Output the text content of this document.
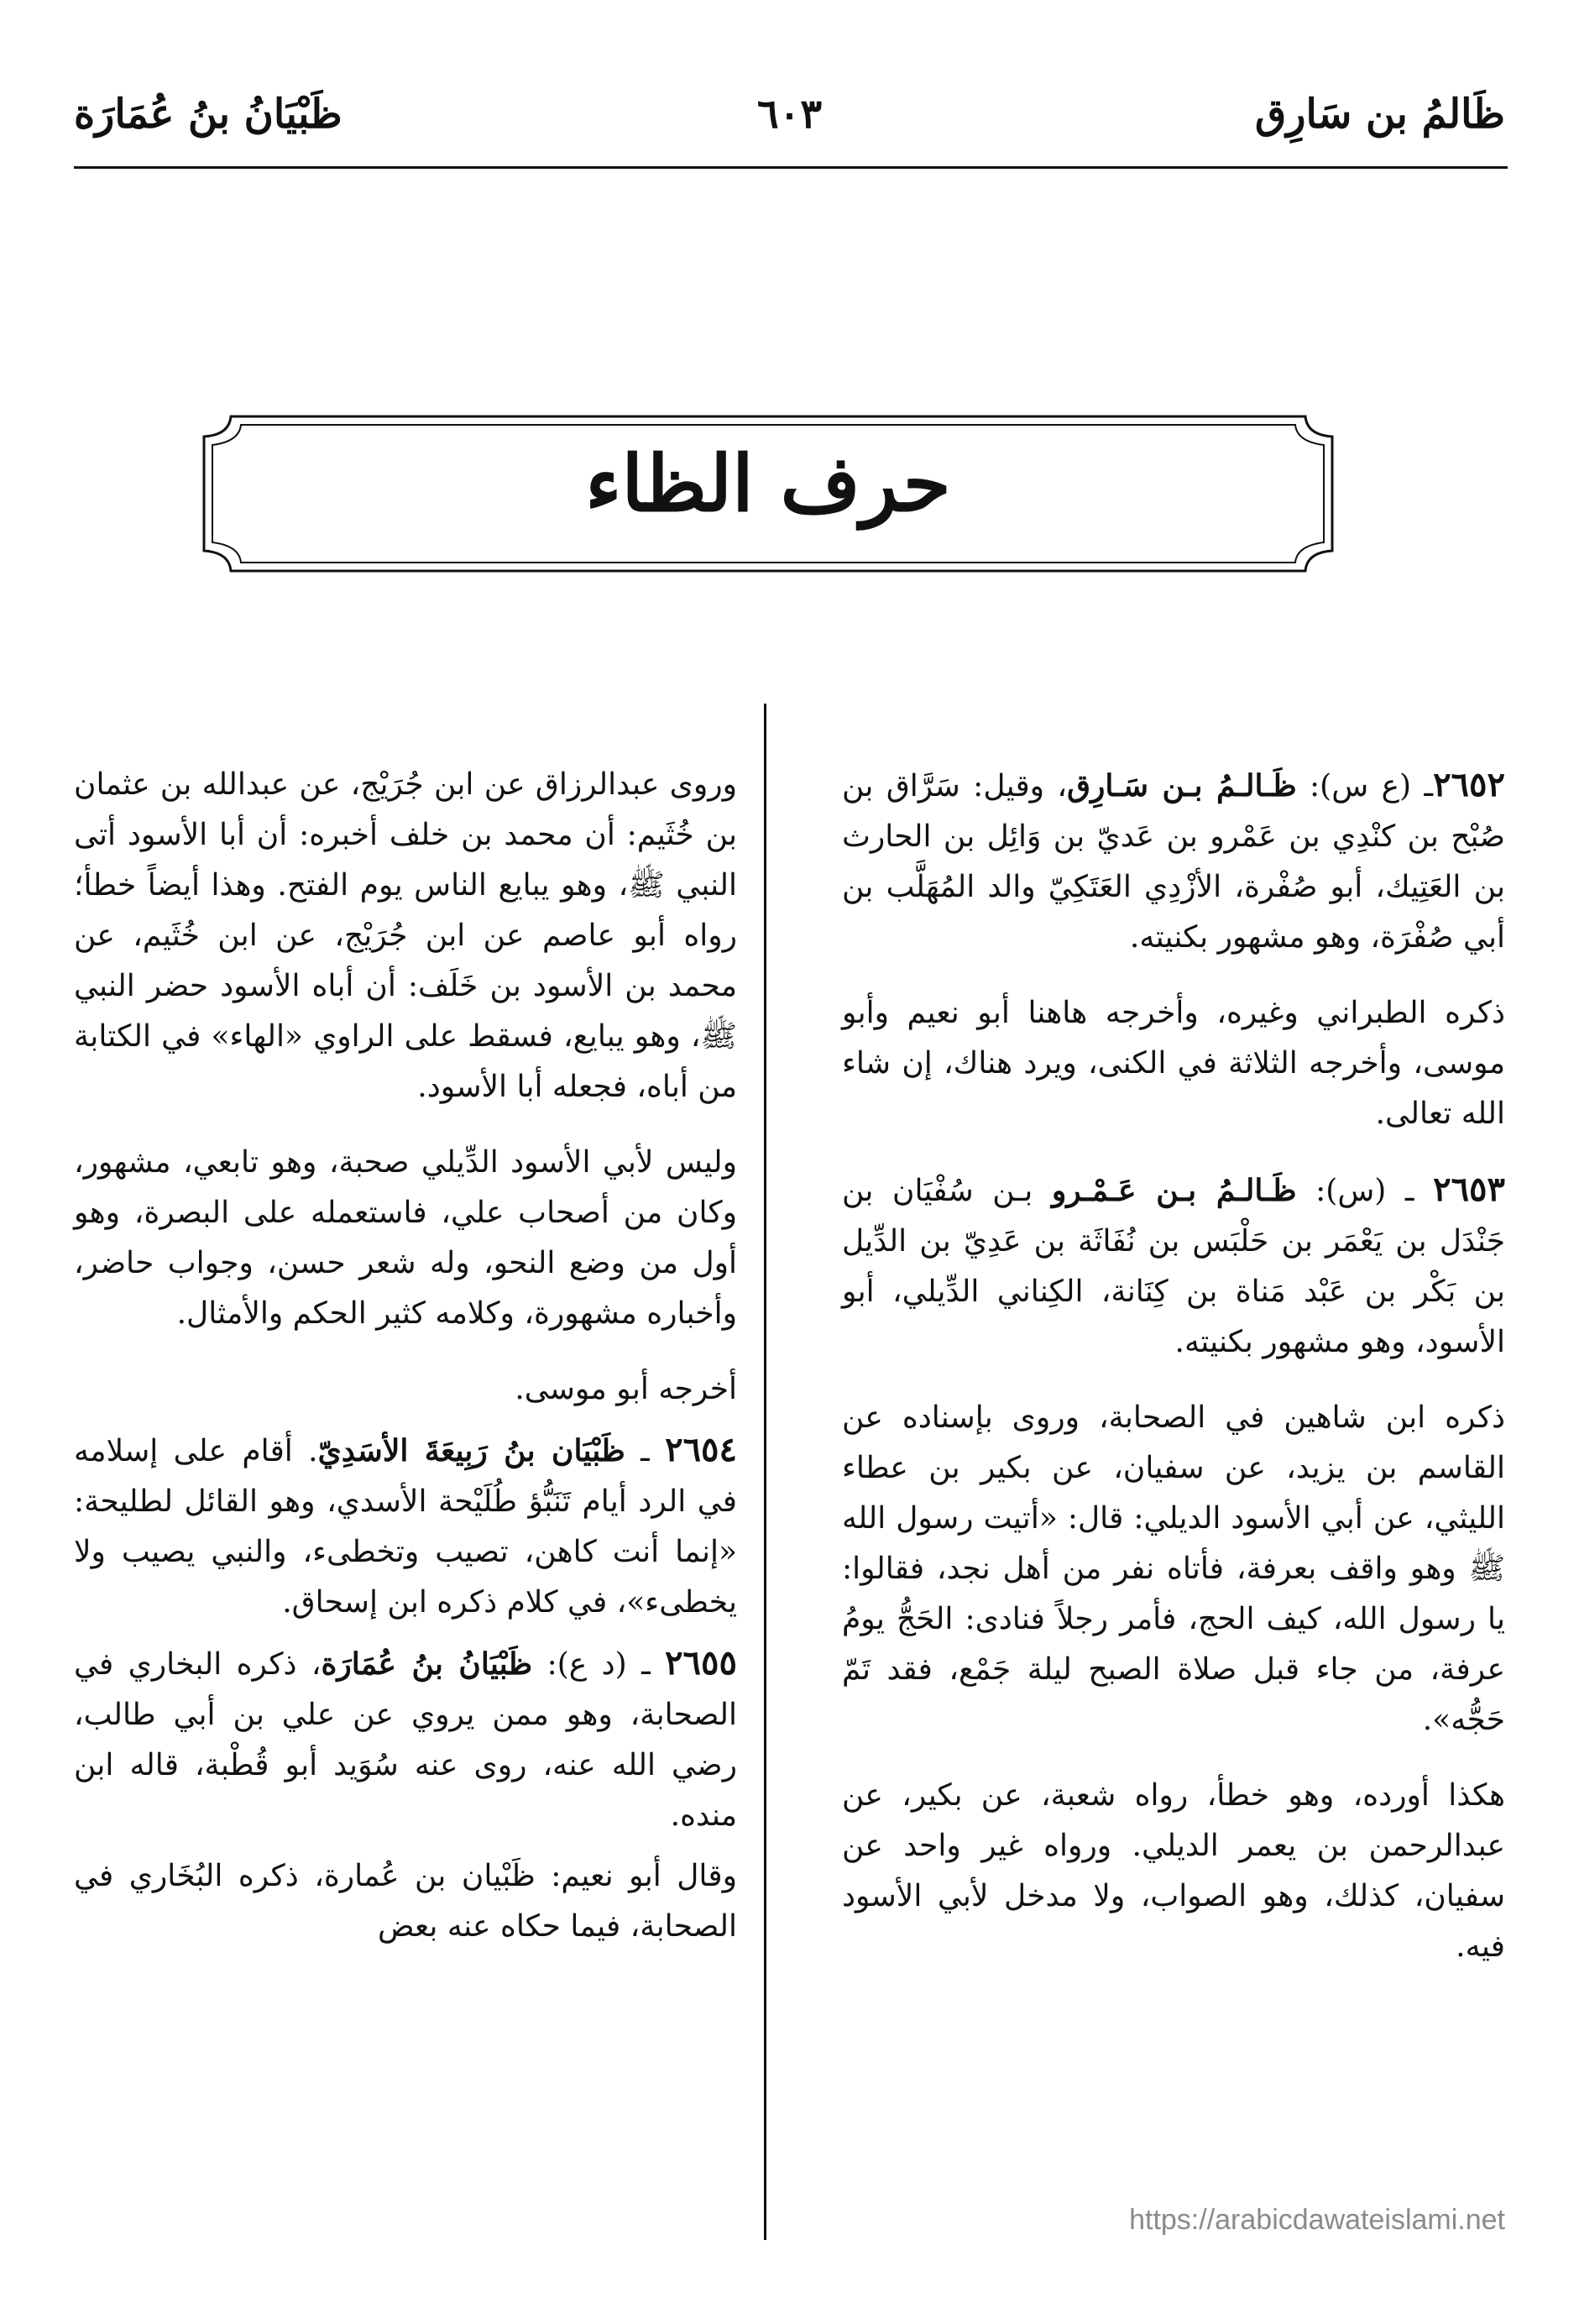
ظَالمُ بن سَارِق
٦٠٣
ظَبْيَانُ بنُ عُمَارَة
حرف الظاء

٢٦٥٢ـ (ع س): ظَـالـمُ بـن سَـارِق، وقيل: سَرَّاق بن صُبْح بن كنْدِي بن عَمْرو بن عَديّ بن وَائِل بن الحارث بن العَتِيك، أبو صُفْرة، الأزْدِي العَتَكِيّ والد المُهَلَّب بن أبي صُفْرَة، وهو مشهور بكنيته.

ذكره الطبراني وغيره، وأخرجه هاهنا أبو نعيم وأبو موسى، وأخرجه الثلاثة في الكنى، ويرد هناك، إن شاء الله تعالى.

٢٦٥٣ ـ (س): ظَـالـمُ بـن عَـمْـرو بـن سُفْيَان بن جَنْدَل بن يَعْمَر بن حَلْبَس بن نُفَاثَة بن عَدِيّ بن الدِّيل بن بَكْر بن عَبْد مَناة بن كِنَانة، الكِناني الدِّيلي، أبو الأسود، وهو مشهور بكنيته.

ذكره ابن شاهين في الصحابة، وروى بإسناده عن القاسم بن يزيد، عن سفيان، عن بكير بن عطاء الليثي، عن أبي الأسود الديلي: قال: «أتيت رسول الله ﷺ وهو واقف بعرفة، فأتاه نفر من أهل نجد، فقالوا: يا رسول الله، كيف الحج، فأمر رجلاً فنادى: الحَجُّ يومُ عرفة، من جاء قبل صلاة الصبح ليلة جَمْع، فقد تَمّ حَجُّه».

هكذا أورده، وهو خطأ، رواه شعبة، عن بكير، عن عبدالرحمن بن يعمر الديلي. ورواه غير واحد عن سفيان، كذلك، وهو الصواب، ولا مدخل لأبي الأسود فيه.

وروى عبدالرزاق عن ابن جُرَيْج، عن عبدالله بن عثمان بن خُثَيم: أن محمد بن خلف أخبره: أن أبا الأسود أتى النبي ﷺ، وهو يبايع الناس يوم الفتح. وهذا أيضاً خطأ؛ رواه أبو عاصم عن ابن جُرَيْج، عن ابن خُثَيم، عن محمد بن الأسود بن خَلَف: أن أباه الأسود حضر النبي ﷺ، وهو يبايع، فسقط على الراوي «الهاء» في الكتابة من أباه، فجعله أبا الأسود.

وليس لأبي الأسود الدِّيلي صحبة، وهو تابعي، مشهور، وكان من أصحاب علي، فاستعمله على البصرة، وهو أول من وضع النحو، وله شعر حسن، وجواب حاضر، وأخباره مشهورة، وكلامه كثير الحكم والأمثال.

أخرجه أبو موسى.

٢٦٥٤ ـ ظَبْيَان بنُ رَبِيعَةَ الأسَدِيّ. أقام على إسلامه في الرد أيام تَنَبُّؤ طُلَيْحة الأسدي، وهو القائل لطليحة: «إنما أنت كاهن، تصيب وتخطىء، والنبي يصيب ولا يخطىء»، في كلام ذكره ابن إسحاق.

٢٦٥٥ ـ (د ع): ظَبْيَانُ بنُ عُمَارَة، ذكره البخاري في الصحابة، وهو ممن يروي عن علي بن أبي طالب، رضي الله عنه، روى عنه سُوَيد أبو قُطْبة، قاله ابن منده.

وقال أبو نعيم: ظَبْيان بن عُمارة، ذكره البُخَاري في الصحابة، فيما حكاه عنه بعض

https://arabicdawateislami.net
